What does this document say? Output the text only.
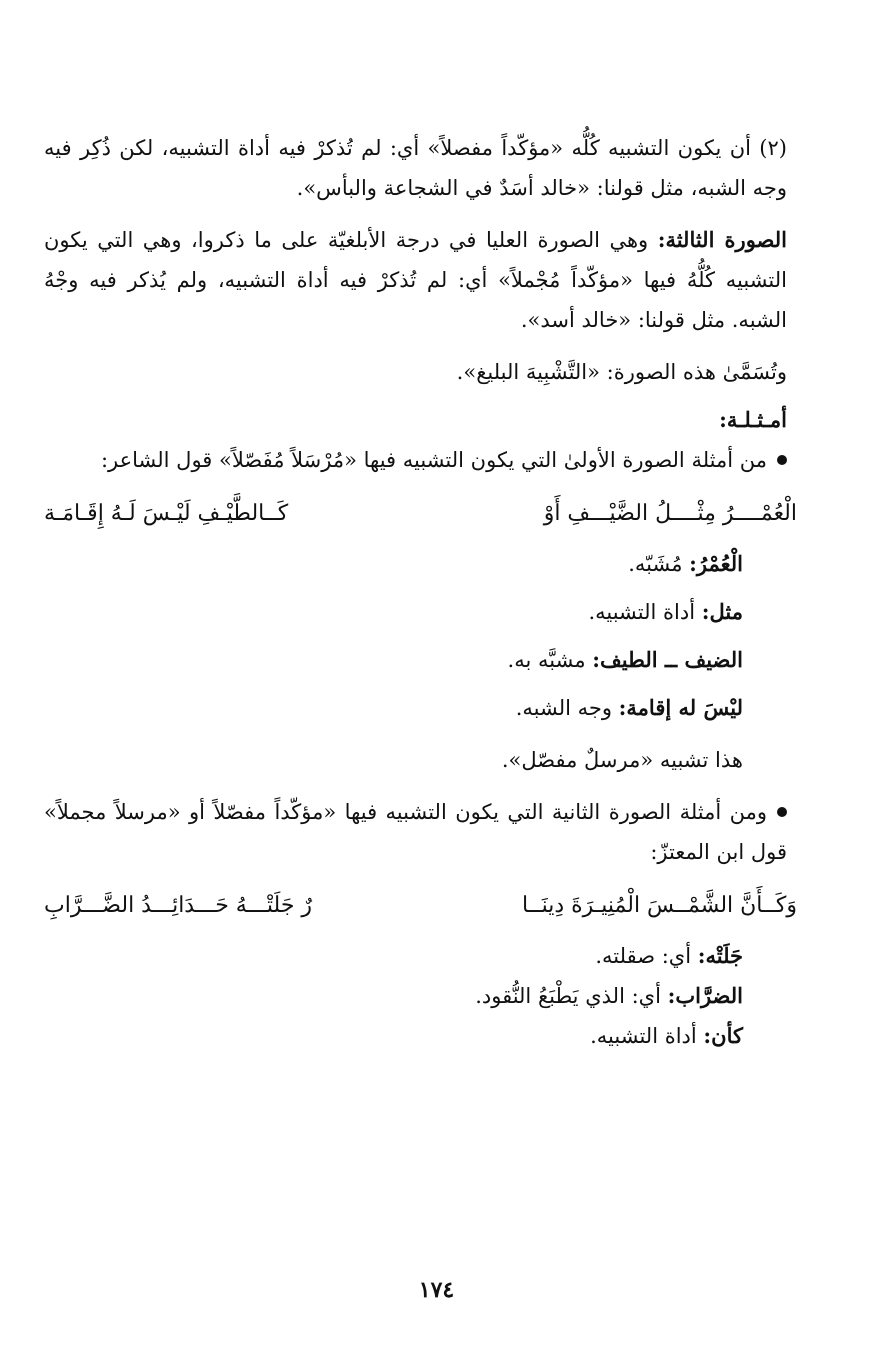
(٢) أن يكون التشبيه كُلُّه «مؤكّداً مفصلاً» أي: لم تُذكرْ فيه أداة التشبيه، لكن ذُكِر فيه وجه الشبه، مثل قولنا: «خالد أسَدٌ في الشجاعة والبأس».

الصورة الثالثة: وهي الصورة العليا في درجة الأبلغيّة على ما ذكروا، وهي التي يكون التشبيه كُلُّهُ فيها «مؤكّداً مُجْملاً» أي: لم تُذكرْ فيه أداة التشبيه، ولم يُذكر فيه وجْهُ الشبه. مثل قولنا: «خالد أسد».

وتُسَمَّىٰ هذه الصورة: «التَّشْبِيهَ البليغ».

أمـثـلـة:

من أمثلة الصورة الأولىٰ التي يكون التشبيه فيها «مُرْسَلاً مُفَصّلاً» قول الشاعر:

الْعُمْــــرُ مِثْــــلُ الضَّيْـــفِ أَوْ
كَــالطَّيْـفِ لَيْـسَ لَـهُ إِقَـامَـة

الْعُمْرُ: مُشَبّه.

مثل: أداة التشبيه.

الضيف ــ الطيف: مشبَّه به.

ليْسَ له إقامة: وجه الشبه.

هذا تشبيه «مرسلٌ مفصّل».

ومن أمثلة الصورة الثانية التي يكون التشبيه فيها «مؤكّداً مفصّلاً أو «مرسلاً مجملاً» قول ابن المعتزّ:

وَكَــأَنَّ الشَّمْــسَ الْمُنِيـرَةَ دِينَــا
رٌ جَلَتْـــهُ حَـــدَائِـــدُ الضَّـــرَّابِ

جَلَتْه: أي: صقلته.

الضرَّاب: أي: الذي يَطْبَعُ النُّقود.

كأن: أداة التشبيه.

١٧٤
